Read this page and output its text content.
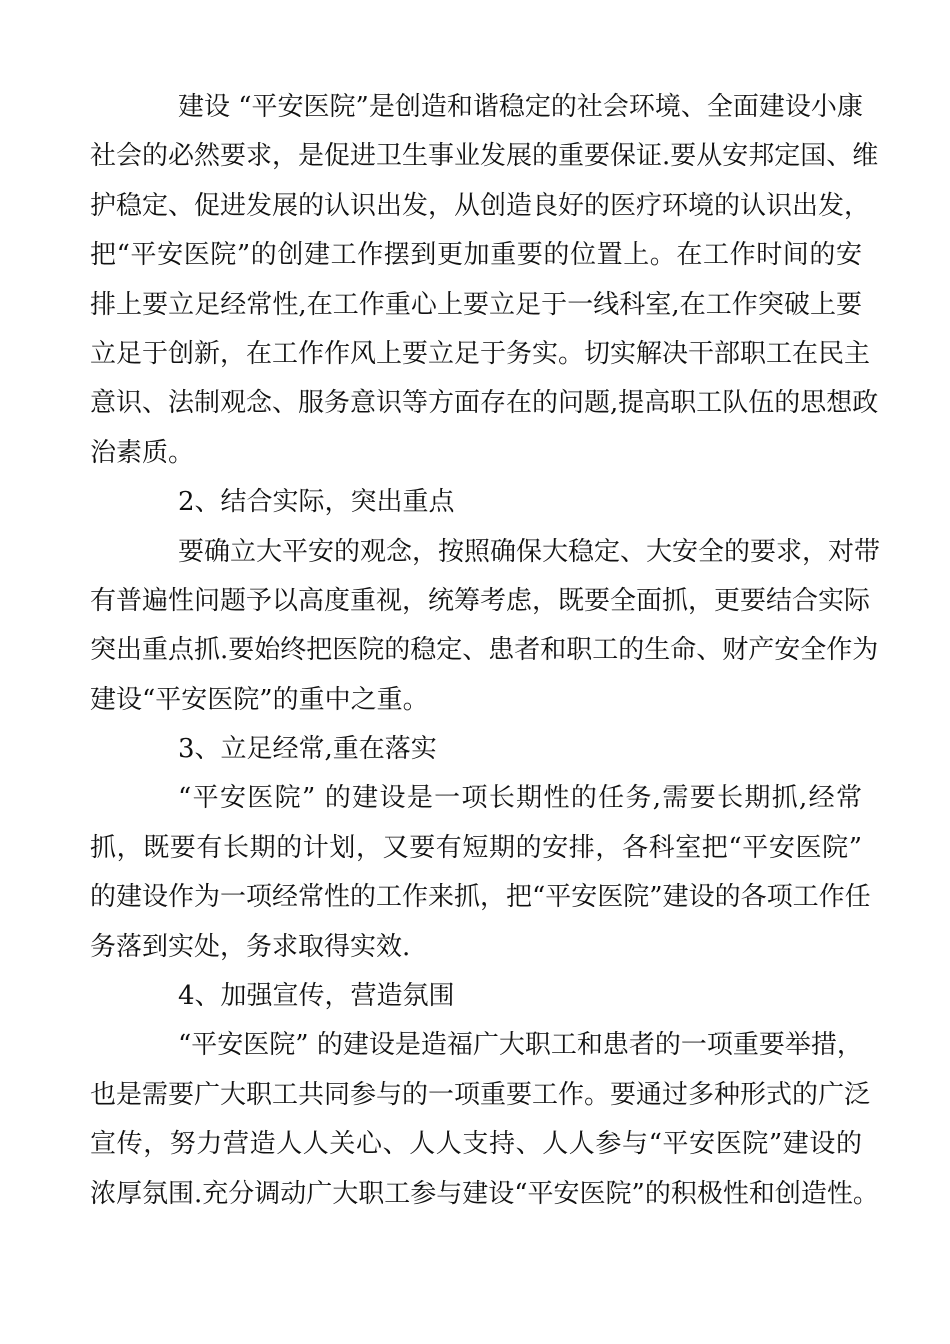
建设 “平安医院”是创造和谐稳定的社会环境、全面建设小康
社会的必然要求，是促进卫生事业发展的重要保证.要从安邦定国、维
护稳定、促进发展的认识出发，从创造良好的医疗环境的认识出发，
把“平安医院”的创建工作摆到更加重要的位置上。在工作时间的安
排上要立足经常性,在工作重心上要立足于一线科室,在工作突破上要
立足于创新，在工作作风上要立足于务实。切实解决干部职工在民主
意识、法制观念、服务意识等方面存在的问题,提高职工队伍的思想政
治素质。
2、结合实际，突出重点
要确立大平安的观念，按照确保大稳定、大安全的要求，对带
有普遍性问题予以高度重视，统筹考虑，既要全面抓，更要结合实际
突出重点抓.要始终把医院的稳定、患者和职工的生命、财产安全作为
建设“平安医院”的重中之重。
3、立足经常,重在落实
“平安医院” 的建设是一项长期性的任务,需要长期抓,经常
抓，既要有长期的计划，又要有短期的安排，各科室把“平安医院”
的建设作为一项经常性的工作来抓，把“平安医院”建设的各项工作任
务落到实处，务求取得实效.
4、加强宣传，营造氛围
“平安医院” 的建设是造福广大职工和患者的一项重要举措，
也是需要广大职工共同参与的一项重要工作。要通过多种形式的广泛
宣传，努力营造人人关心、人人支持、人人参与“平安医院”建设的
浓厚氛围.充分调动广大职工参与建设“平安医院”的积极性和创造性。
